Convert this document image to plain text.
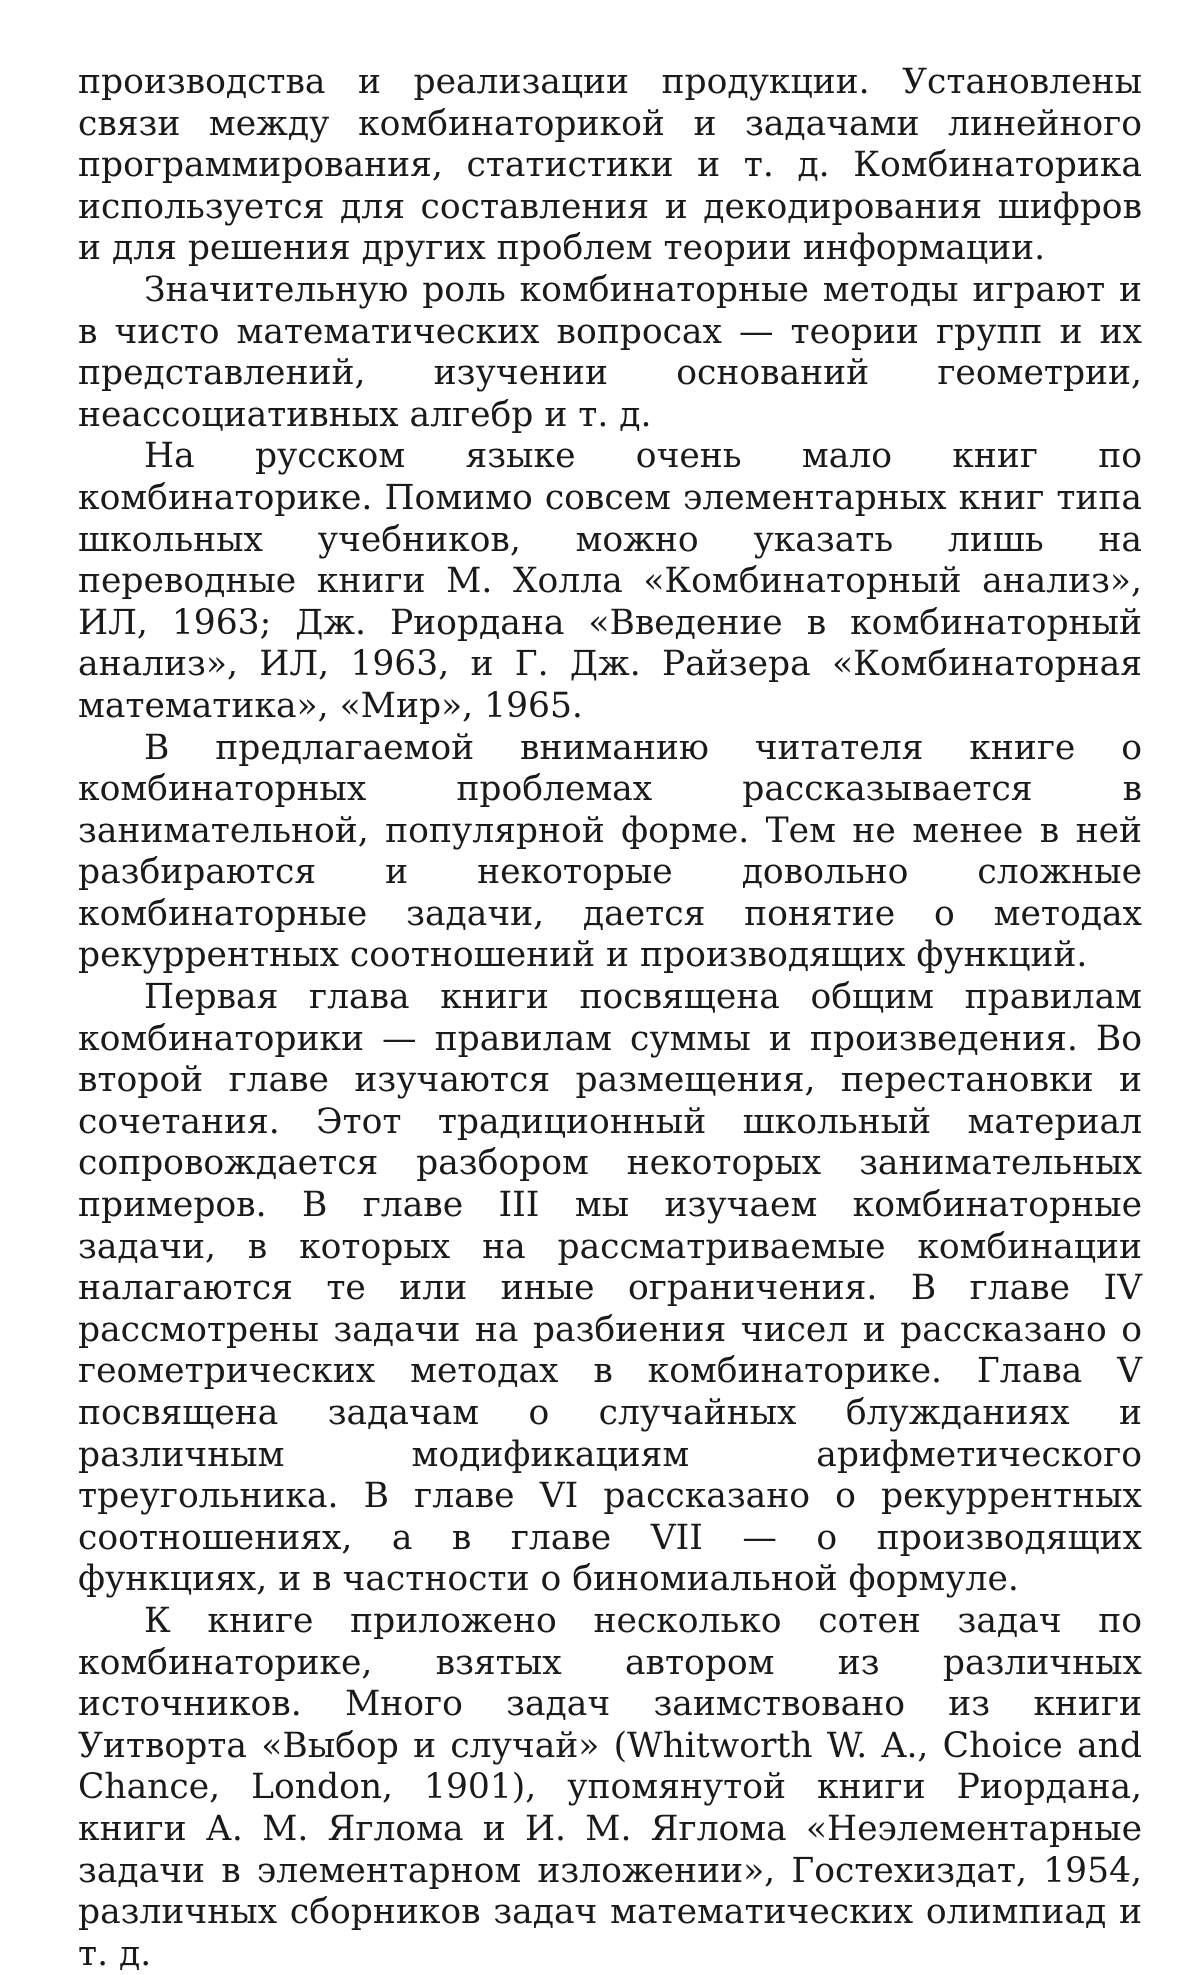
производства и реализации продукции. Установлены связи между комбинаторикой и задачами линейного программирования, статистики и т. д. Комбинаторика используется для составления и декодирования шифров и для решения других проблем теории информации.

Значительную роль комбинаторные методы играют и в чисто математических вопросах — теории групп и их представлений, изучении оснований геометрии, неассоциативных алгебр и т. д.

На русском языке очень мало книг по комбинаторике. Помимо совсем элементарных книг типа школьных учебников, можно указать лишь на переводные книги М. Холла «Комбинаторный анализ», ИЛ, 1963; Дж. Риордана «Введение в комбинаторный анализ», ИЛ, 1963, и Г. Дж. Райзера «Комбинаторная математика», «Мир», 1965.

В предлагаемой вниманию читателя книге о комбинаторных проблемах рассказывается в занимательной, популярной форме. Тем не менее в ней разбираются и некоторые довольно сложные комбинаторные задачи, дается понятие о методах рекуррентных соотношений и производящих функций.

Первая глава книги посвящена общим правилам комбинаторики — правилам суммы и произведения. Во второй главе изучаются размещения, перестановки и сочетания. Этот традиционный школьный материал сопровождается разбором некоторых занимательных примеров. В главе III мы изучаем комбинаторные задачи, в которых на рассматриваемые комбинации налагаются те или иные ограничения. В главе IV рассмотрены задачи на разбиения чисел и рассказано о геометрических методах в комбинаторике. Глава V посвящена задачам о случайных блужданиях и различным модификациям арифметического треугольника. В главе VI рассказано о рекуррентных соотношениях, а в главе VII — о производящих функциях, и в частности о биномиальной формуле.

К книге приложено несколько сотен задач по комбинаторике, взятых автором из различных источников. Много задач заимствовано из книги Уитворта «Выбор и случай» (Whitworth W. A., Choice and Chance, London, 1901), упомянутой книги Риордана, книги А. М. Яглома и И. М. Яглома «Неэлементарные задачи в элементарном изложении», Гостехиздат, 1954, различных сборников задач математических олимпиад и т. д.
